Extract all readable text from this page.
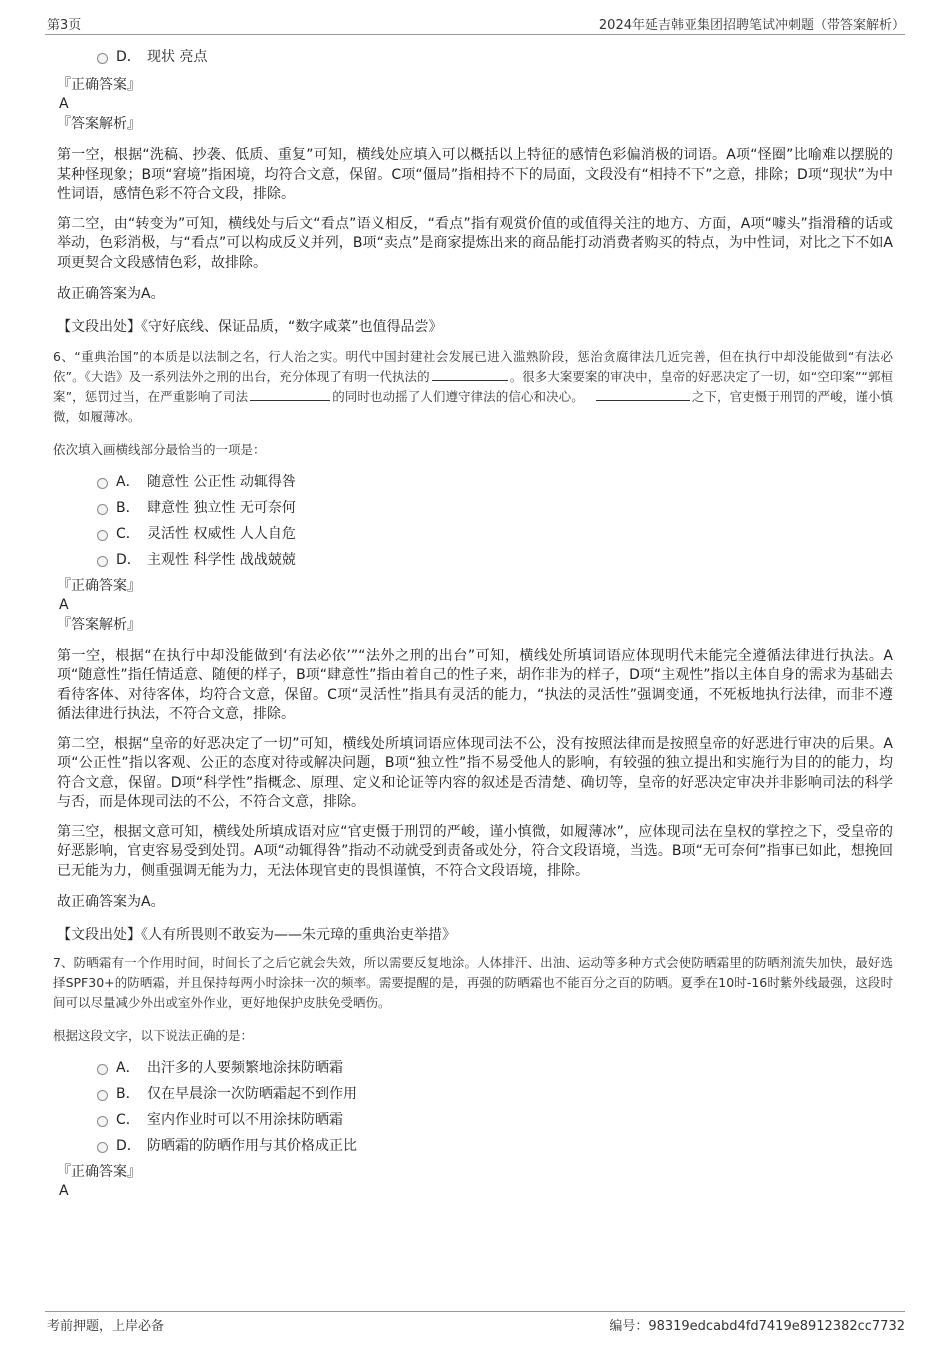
第3页	2024年延吉韩亚集团招聘笔试冲刺题（带答案解析）
D． 现状 亮点
『正确答案』
A
『答案解析』

第一空，根据“洗稿、抄袭、低质、重复”可知，横线处应填入可以概括以上特征的感情色彩偏消极的词语。A项“怪圈”比喻难以摆脱的某种怪现象；B项“窘境”指困境，均符合文意，保留。C项“僵局”指相持不下的局面，文段没有“相持不下”之意，排除；D项“现状”为中性词语，感情色彩不符合文段，排除。

第二空，由“转变为”可知，横线处与后文“看点”语义相反，“看点”指有观赏价值的或值得关注的地方、方面，A项“噱头”指滑稽的话或举动，色彩消极，与“看点”可以构成反义并列，B项“卖点”是商家提炼出来的商品能打动消费者购买的特点，为中性词，对比之下不如A项更契合文段感情色彩，故排除。

故正确答案为A。

【文段出处】《守好底线、保证品质，“数字咸菜”也值得品尝》
6、“重典治国”的本质是以法制之名，行人治之实。明代中国封建社会发展已进入滥熟阶段，惩治贪腐律法几近完善，但在执行中却没能做到“有法必依”。《大诰》及一系列法外之刑的出台，充分体现了有明一代执法的	。很多大案要案的审决中，皇帝的好恶决定了一切，如“空印案”“郭桓案”，惩罚过当，在严重影响了司法	的同时也动摇了人们遵守律法的信心和决心。	之下，官吏慑于刑罚的严峻，谨小慎微，如履薄冰。
依次填入画横线部分最恰当的一项是：
A． 随意性 公正性 动辄得咎
B． 肆意性 独立性 无可奈何
C． 灵活性 权威性 人人自危
D． 主观性 科学性 战战兢兢
『正确答案』
A
『答案解析』

第一空，根据“在执行中却没能做到‘有法必依’”“法外之刑的出台”可知，横线处所填词语应体现明代未能完全遵循法律进行执法。A项“随意性”指任情适意、随便的样子，B项“肆意性”指由着自己的性子来，胡作非为的样子，D项“主观性”指以主体自身的需求为基础去看待客体、对待客体，均符合文意，保留。C项“灵活性”指具有灵活的能力，“执法的灵活性”强调变通，不死板地执行法律，而非不遵循法律进行执法，不符合文意，排除。

第二空，根据“皇帝的好恶决定了一切”可知，横线处所填词语应体现司法不公，没有按照法律而是按照皇帝的好恶进行审决的后果。A项“公正性”指以客观、公正的态度对待或解决问题，B项“独立性”指不易受他人的影响，有较强的独立提出和实施行为目的的能力，均符合文意，保留。D项“科学性”指概念、原理、定义和论证等内容的叙述是否清楚、确切等，皇帝的好恶决定审决并非影响司法的科学与否，而是体现司法的不公，不符合文意，排除。

第三空，根据文意可知，横线处所填成语对应“官吏慑于刑罚的严峻，谨小慎微，如履薄冰”，应体现司法在皇权的掌控之下，受皇帝的好恶影响，官吏容易受到处罚。A项“动辄得咎”指动不动就受到责备或处分，符合文段语境，当选。B项“无可奈何”指事已如此，想挽回已无能为力，侧重强调无能为力，无法体现官吏的畏惧谨慎，不符合文段语境，排除。

故正确答案为A。

【文段出处】《人有所畏则不敢妄为——朱元璋的重典治吏举措》
7、防晒霜有一个作用时间，时间长了之后它就会失效，所以需要反复地涂。人体排汗、出油、运动等多种方式会使防晒霜里的防晒剂流失加快，最好选择SPF30+的防晒霜，并且保持每两小时涂抹一次的频率。需要提醒的是，再强的防晒霜也不能百分之百的防晒。夏季在10时-16时紫外线最强，这段时间可以尽量减少外出或室外作业，更好地保护皮肤免受晒伤。
根据这段文字，以下说法正确的是：
A． 出汗多的人要频繁地涂抹防晒霜
B． 仅在早晨涂一次防晒霜起不到作用
C． 室内作业时可以不用涂抹防晒霜
D． 防晒霜的防晒作用与其价格成正比
『正确答案』
A
考前押题，上岸必备	编号：98319edcabd4fd7419e8912382cc7732
